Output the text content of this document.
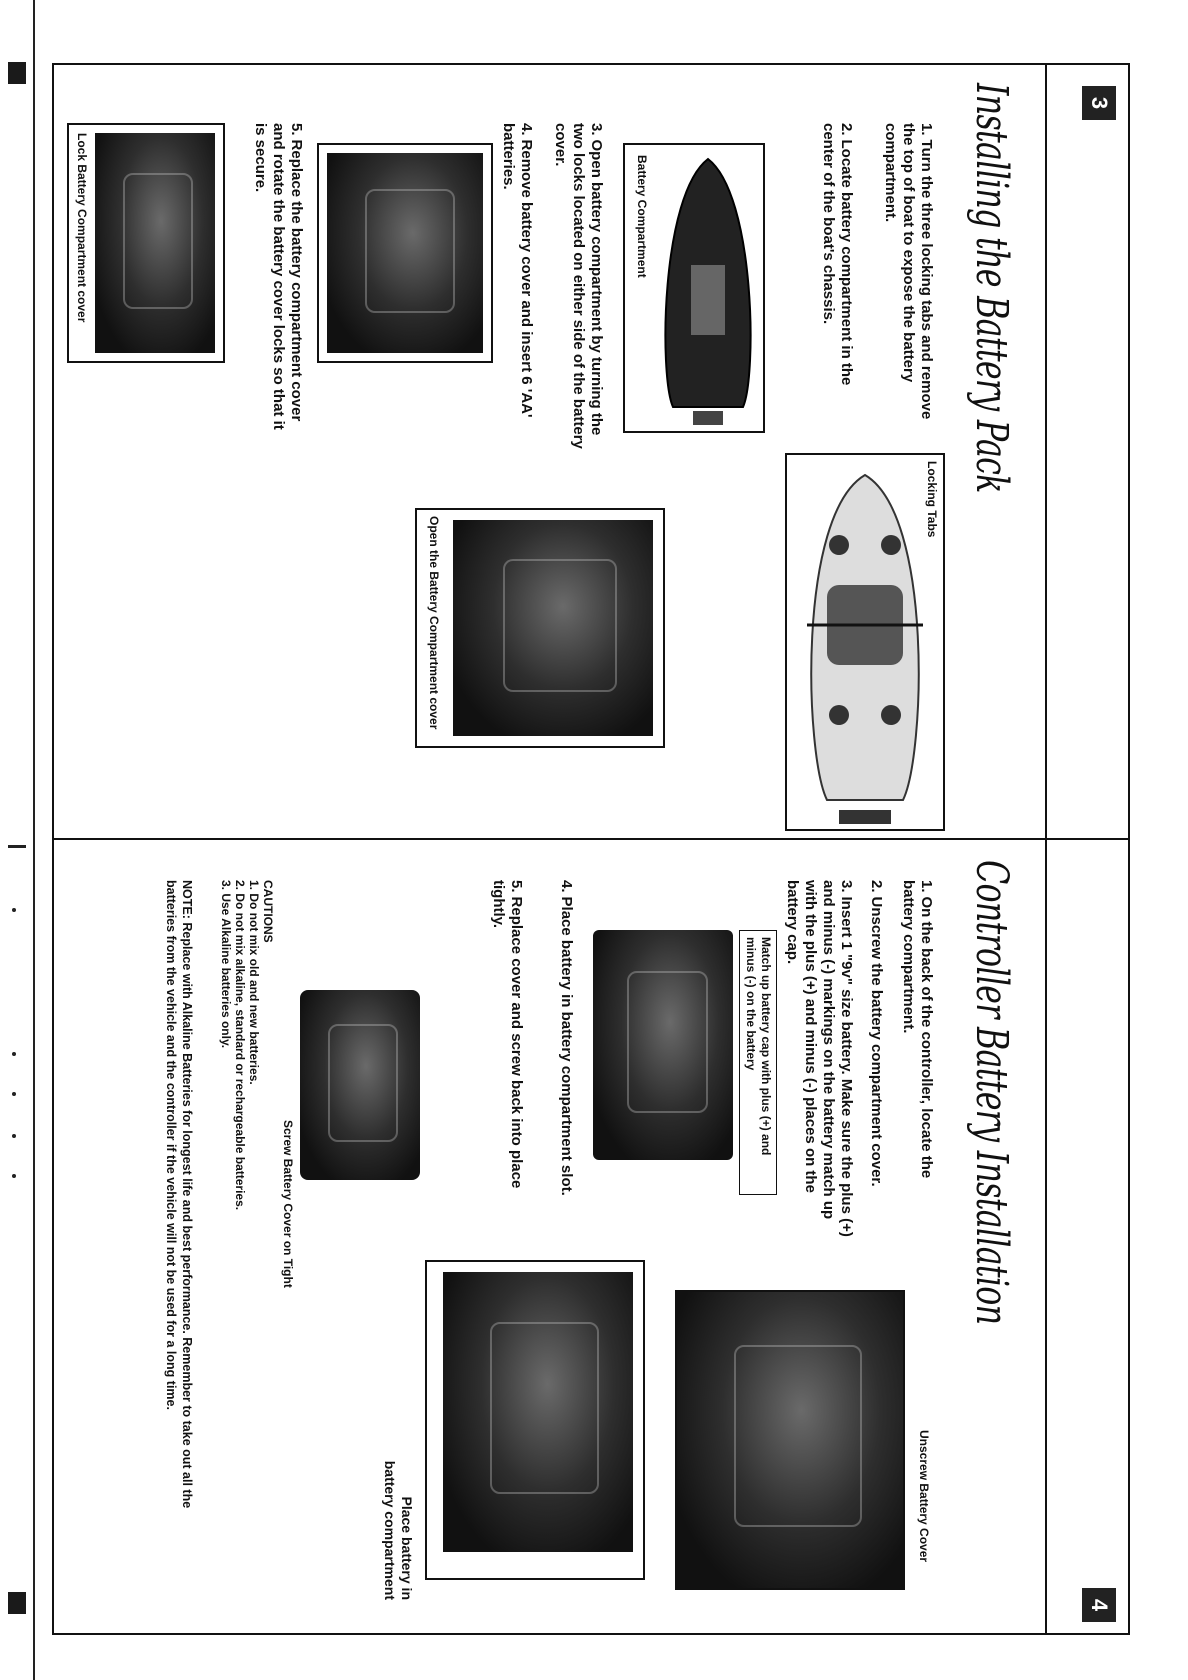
3
4
Installing the Battery Pack
1.Turn the three locking tabs and remove the top of boat to expose the battery compartment.
2.Locate battery compartment in the center of the boat's chassis.
Locking Tabs
Battery Compartment
3.Open battery compartment by turning the two locks located on either side of the battery cover.
Open the Battery Compartment cover
4.Remove battery cover and insert 6 'AA' batteries.
5.Replace the battery compartment cover and rotate the battery cover locks so that it is secure.
Lock Battery Compartment cover
Controller Battery Installation
1.On the back of the controller, locate the battery compartment.
2.Unscrew the battery compartment cover.
3.Insert 1 "9v" size battery. Make sure the plus (+) and minus (-) markings on the battery match up with the plus (+) and minus (-) places on the battery cap.
Unscrew Battery Cover
Match up battery cap with plus (+) and minus (-) on the battery
4.Place battery in battery compartment slot.
5.Replace cover and screw back into place tightly.
Place battery in battery compartment
Screw Battery Cover on Tight
CAUTIONS
1. Do not mix old and new batteries.
2. Do not mix alkaline, standard or rechargeable batteries.
3. Use Alkaline batteries only.
NOTE: Replace with Alkaline Batteries for longest life and best performance. Remember to take out all the batteries from the vehicle and the controller if the vehicle will not be used for a long time.
